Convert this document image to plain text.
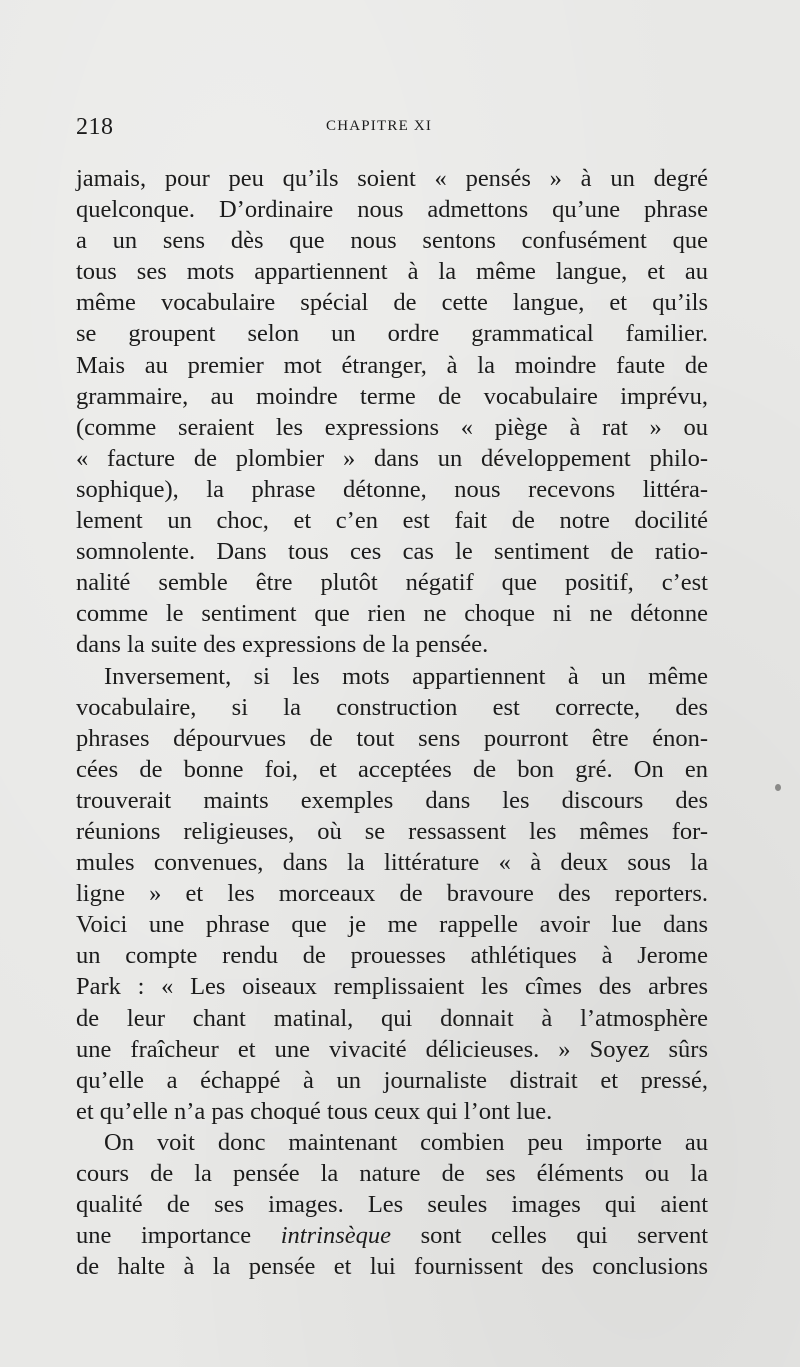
218	CHAPITRE XI
jamais, pour peu qu’ils soient « pensés » à un degré
quelconque. D’ordinaire nous admettons qu’une phrase
a un sens dès que nous sentons confusément que
tous ses mots appartiennent à la même langue, et au
même vocabulaire spécial de cette langue, et qu’ils
se groupent selon un ordre grammatical familier.
Mais au premier mot étranger, à la moindre faute de
grammaire, au moindre terme de vocabulaire imprévu,
(comme seraient les expressions « piège à rat » ou
« facture de plombier » dans un développement philo-
sophique), la phrase détonne, nous recevons littéra-
lement un choc, et c’en est fait de notre docilité
somnolente. Dans tous ces cas le sentiment de ratio-
nalité semble être plutôt négatif que positif, c’est
comme le sentiment que rien ne choque ni ne détonne
dans la suite des expressions de la pensée.
Inversement, si les mots appartiennent à un même
vocabulaire, si la construction est correcte, des
phrases dépourvues de tout sens pourront être énon-
cées de bonne foi, et acceptées de bon gré. On en
trouverait maints exemples dans les discours des
réunions religieuses, où se ressassent les mêmes for-
mules convenues, dans la littérature « à deux sous la
ligne » et les morceaux de bravoure des reporters.
Voici une phrase que je me rappelle avoir lue dans
un compte rendu de prouesses athlétiques à Jerome
Park : « Les oiseaux remplissaient les cîmes des arbres
de leur chant matinal, qui donnait à l’atmosphère
une fraîcheur et une vivacité délicieuses. » Soyez sûrs
qu’elle a échappé à un journaliste distrait et pressé,
et qu’elle n’a pas choqué tous ceux qui l’ont lue.
On voit donc maintenant combien peu importe au
cours de la pensée la nature de ses éléments ou la
qualité de ses images. Les seules images qui aient
une importance intrinsèque sont celles qui servent
de halte à la pensée et lui fournissent des conclusions
